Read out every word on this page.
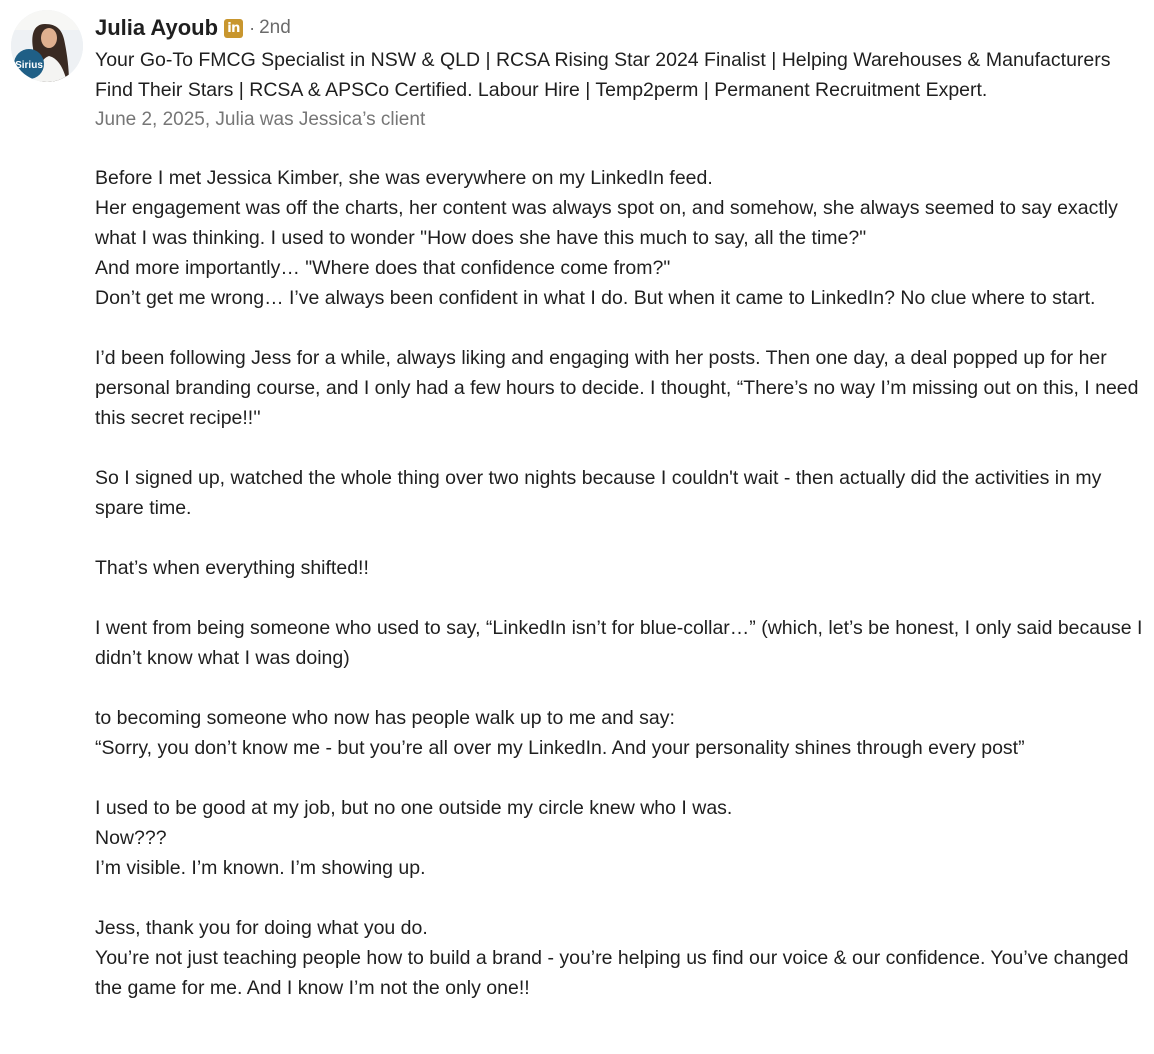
Sirius
Julia Ayoub in · 2nd

Your Go-To FMCG Specialist in NSW & QLD | RCSA Rising Star 2024 Finalist | Helping Warehouses & Manufacturers Find Their Stars | RCSA & APSCo Certified. Labour Hire | Temp2perm | Permanent Recruitment Expert.

June 2, 2025, Julia was Jessica’s client
Before I met Jessica Kimber, she was everywhere on my LinkedIn feed.
Her engagement was off the charts, her content was always spot on, and somehow, she always seemed to say exactly what I was thinking. I used to wonder "How does she have this much to say, all the time?"
And more importantly… "Where does that confidence come from?"
Don’t get me wrong… I’ve always been confident in what I do. But when it came to LinkedIn? No clue where to start.
I’d been following Jess for a while, always liking and engaging with her posts. Then one day, a deal popped up for her personal branding course, and I only had a few hours to decide. I thought, “There’s no way I’m missing out on this, I need this secret recipe!!''
So I signed up, watched the whole thing over two nights because I couldn't wait - then actually did the activities in my spare time.
That’s when everything shifted!!
I went from being someone who used to say, “LinkedIn isn’t for blue-collar…” (which, let’s be honest, I only said because I didn’t know what I was doing)
to becoming someone who now has people walk up to me and say:
“Sorry, you don’t know me - but you’re all over my LinkedIn. And your personality shines through every post”
I used to be good at my job, but no one outside my circle knew who I was.
Now???
I’m visible. I’m known. I’m showing up.
Jess, thank you for doing what you do.
You’re not just teaching people how to build a brand - you’re helping us find our voice & our confidence. You’ve changed the game for me. And I know I’m not the only one!!
